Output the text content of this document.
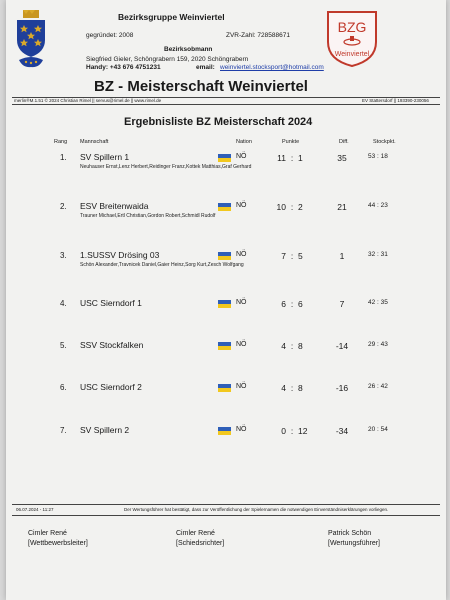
BZG
Weinviertel
Bezirksgruppe Weinviertel
gegründet: 2008	ZVR-Zahl: 728588671
Bezirksobmann
Siegfried Gieler, Schöngrabern 159, 2020 Schöngrabern
Handy: +43 676 4751231	email: weinviertel.stocksport@hotmail.com
BZ - Meisterschaft Weinviertel
merlin®M.1.51 © 2024 Christian Rimel || servus@rimel.de || www.rimel.de	EV Stattersdorf || 193390-230056
Ergebnisliste BZ Meisterschaft 2024
Rang Mannschaft	Nation	Punkte	Diff.	Stockpkt.
1. SV Spillern 1
Neuhauser Ernst,Lenz Herbert,Reidinger Franz,Kottek Matthias,Graf Gerhard
NÖ	11 : 1	35	53 : 18
2. ESV Breitenwaida
Trauner Michael,Ertl Christian,Gordon Robert,Schmidl Rudolf
NÖ	10 : 2	21	44 : 23
3. 1.SUSSV Drösing 03
Schön Alexander,Travnicek Daniel,Gaier Heinz,Sorg Kurt,Zesch Wolfgang
NÖ	7 : 5	1	32 : 31
4. USC Sierndorf 1	NÖ	6 : 6	7	42 : 35
5. SSV Stockfalken	NÖ	4 : 8	-14	29 : 43
6. USC Sierndorf 2	NÖ	4 : 8	-16	26 : 42
7. SV Spillern 2	NÖ	0 : 12	-34	20 : 54
06.07.2024 - 11:27	Der Wertungsführer hat bestätigt, dass zur Veröffentlichung der Spielernamen die notwendigen Einverständniserklärungen vorliegen.
Cimler René
[Wettbewerbsleiter]
Cimler René
[Schiedsrichter]
Patrick Schön
[Wertungsführer]
